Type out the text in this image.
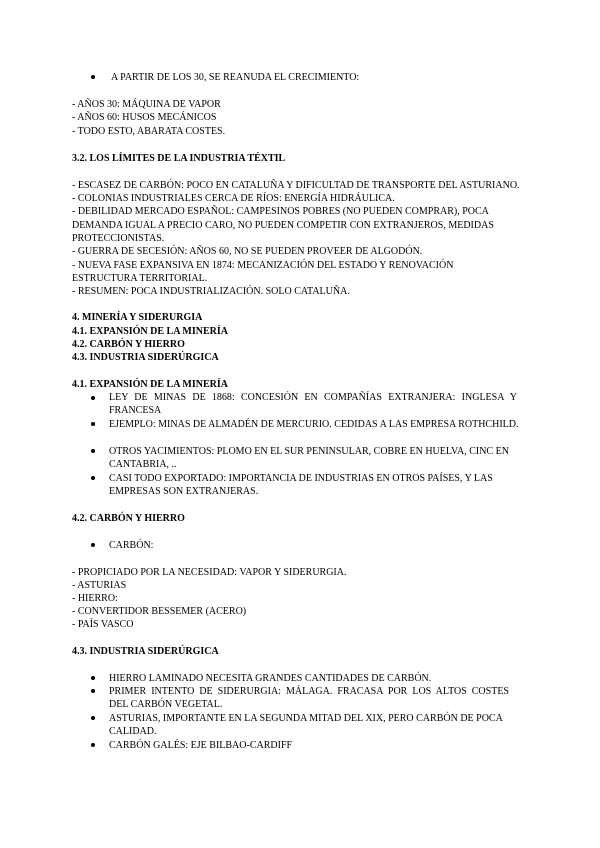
A PARTIR DE LOS 30, SE REANUDA EL CRECIMIENTO:
- AÑOS 30: MÁQUINA DE VAPOR
- AÑOS 60: HUSOS MECÁNICOS
- TODO ESTO, ABARATA COSTES.
3.2. LOS LÍMITES DE LA INDUSTRIA TÉXTIL
- ESCASEZ DE CARBÓN: POCO EN CATALUÑA Y DIFICULTAD DE TRANSPORTE DEL ASTURIANO.
- COLONIAS INDUSTRIALES CERCA DE RÍOS: ENERGÍA HIDRÁULICA.
- DEBILIDAD MERCADO ESPAÑOL: CAMPESINOS POBRES (NO PUEDEN COMPRAR), POCA
DEMANDA IGUAL A PRECIO CARO, NO PUEDEN COMPETIR CON EXTRANJEROS, MEDIDAS
PROTECCIONISTAS.
- GUERRA DE SECESIÓN: AÑOS 60, NO SE PUEDEN PROVEER DE ALGODÓN.
- NUEVA FASE EXPANSIVA EN 1874: MECANIZACIÓN DEL ESTADO Y RENOVACIÓN
ESTRUCTURA TERRITORIAL.
- RESUMEN: POCA INDUSTRIALIZACIÓN. SOLO CATALUÑA.
4. MINERÍA Y SIDERURGIA
4.1. EXPANSIÓN DE LA MINERÍA
4.2. CARBÓN Y HIERRO
4.3. INDUSTRIA SIDERÚRGICA
4.1. EXPANSIÓN DE LA MINERÍA
LEY DE MINAS DE 1868: CONCESIÓN EN COMPAÑÍAS EXTRANJERA: INGLESA Y
FRANCESA
EJEMPLO: MINAS DE ALMADÉN DE MERCURIO. CEDIDAS A LAS EMPRESA ROTHCHILD.
OTROS YACIMIENTOS: PLOMO EN EL SUR PENINSULAR, COBRE EN HUELVA, CINC EN
CANTABRIA, ..
CASI TODO EXPORTADO: IMPORTANCIA DE INDUSTRIAS EN OTROS PAÍSES, Y LAS
EMPRESAS SON EXTRANJERAS.
4.2. CARBÓN Y HIERRO
CARBÓN:
- PROPICIADO POR LA NECESIDAD: VAPOR Y SIDERURGIA.
- ASTURIAS
- HIERRO:
- CONVERTIDOR BESSEMER (ACERO)
- PAÍS VASCO
4.3. INDUSTRIA SIDERÚRGICA
HIERRO LAMINADO NECESITA GRANDES CANTIDADES DE CARBÓN.
PRIMER INTENTO DE SIDERURGIA: MÁLAGA. FRACASA POR LOS ALTOS COSTES
DEL CARBÓN VEGETAL.
ASTURIAS, IMPORTANTE EN LA SEGUNDA MITAD DEL XIX, PERO CARBÓN DE POCA
CALIDAD.
CARBÓN GALÉS: EJE BILBAO-CARDIFF
